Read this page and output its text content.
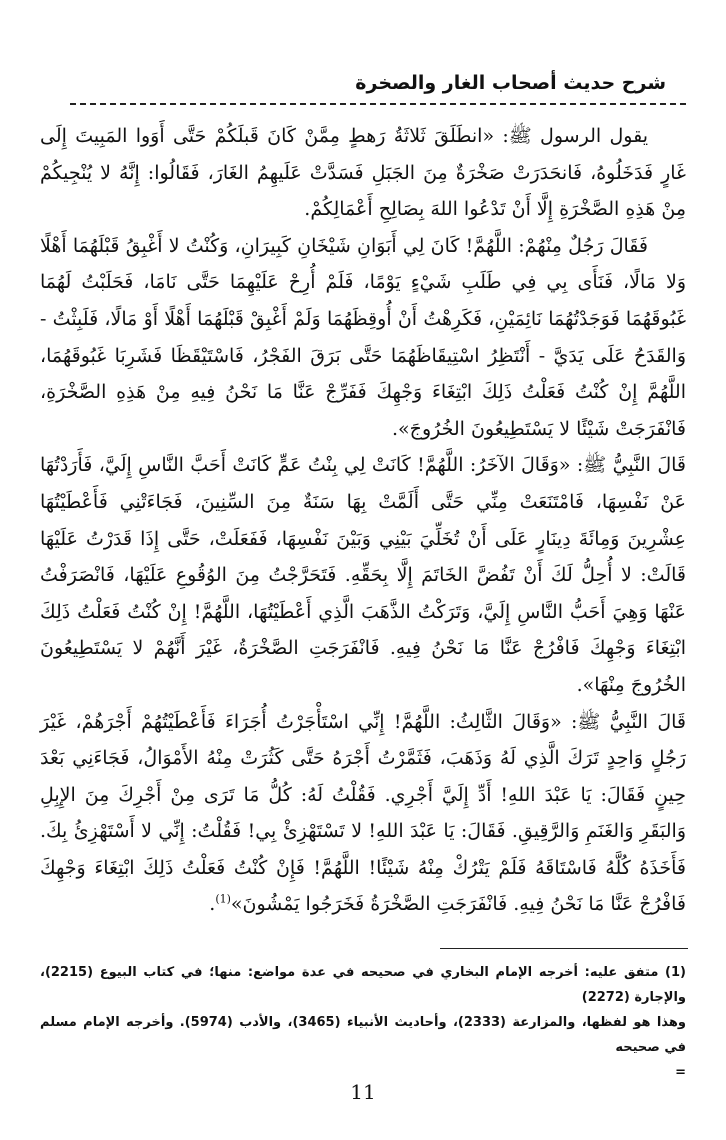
شرح حديث أصحاب الغار والصخرة

يقول الرسول ﷺ: «انطَلَقَ ثَلاثَةُ رَهطٍ مِمَّنْ كَانَ قَبلَكُمْ حَتَّى أَوَوا المَبِيتَ إِلَى غَارٍ فَدَخَلُوهُ، فَانحَدَرَتْ صَخْرَةٌ مِنَ الجَبَلِ فَسَدَّتْ عَلَيهِمُ الغَارَ، فَقَالُوا: إِنَّهُ لا يُنْجِيكُمْ مِنْ هَذِهِ الصَّخْرَةِ إِلَّا أَنْ تَدْعُوا اللهَ بِصَالِحِ أَعْمَالِكُمْ.

فَقَالَ رَجُلٌ مِنْهُمْ: اللَّهُمَّ! كَانَ لِي أَبَوَانِ شَيْخَانِ كَبِيرَانِ، وَكُنْتُ لا أَغْبِقُ قَبْلَهُمَا أَهْلًا وَلا مَالًا، فَنَأَى بِي فِي طَلَبِ شَيْءٍ يَوْمًا، فَلَمْ أُرِحْ عَلَيْهِمَا حَتَّى نَامَا، فَحَلَبْتُ لَهُمَا غَبُوقَهُمَا فَوَجَدْتُهُمَا نَائِمَيْنِ، فَكَرِهْتُ أَنْ أُوقِظَهُمَا وَلَمْ أَغْبِقْ قَبْلَهُمَا أَهْلًا أَوْ مَالًا، فَلَبِثْتُ - وَالقَدَحُ عَلَى يَدَيَّ - أَنْتَظِرُ اسْتِيقَاظَهُمَا حَتَّى بَرَقَ الفَجْرُ، فَاسْتَيْقَظَا فَشَرِبَا غَبُوقَهُمَا، اللَّهُمَّ إِنْ كُنْتُ فَعَلْتُ ذَلِكَ ابْتِغَاءَ وَجْهِكَ فَفَرِّجْ عَنَّا مَا نَحْنُ فِيهِ مِنْ هَذِهِ الصَّخْرَةِ، فَانْفَرَجَتْ شَيْئًا لا يَسْتَطِيعُونَ الخُرُوجَ».

قَالَ النَّبِيُّ ﷺ: «وَقَالَ الآخَرُ: اللَّهُمَّ! كَانَتْ لِي بِنْتُ عَمٍّ كَانَتْ أَحَبَّ النَّاسِ إِلَيَّ، فَأَرَدْتُهَا عَنْ نَفْسِهَا، فَامْتَنَعَتْ مِنِّي حَتَّى أَلَمَّتْ بِهَا سَنَةٌ مِنَ السِّنِينَ، فَجَاءَتْنِي فَأَعْطَيْتُهَا عِشْرِينَ وَمِائَةَ دِينَارٍ عَلَى أَنْ تُخَلِّيَ بَيْنِي وَبَيْنَ نَفْسِهَا، فَفَعَلَتْ، حَتَّى إِذَا قَدَرْتُ عَلَيْهَا قَالَتْ: لا أُحِلُّ لَكَ أَنْ تَفُضَّ الخَاتَمَ إِلَّا بِحَقِّهِ. فَتَحَرَّجْتُ مِنَ الوُقُوعِ عَلَيْهَا، فَانْصَرَفْتُ عَنْهَا وَهِيَ أَحَبُّ النَّاسِ إِلَيَّ، وَتَرَكْتُ الذَّهَبَ الَّذِي أَعْطَيْتُهَا، اللَّهُمَّ! إِنْ كُنْتُ فَعَلْتُ ذَلِكَ ابْتِغَاءَ وَجْهِكَ فَافْرُجْ عَنَّا مَا نَحْنُ فِيهِ. فَانْفَرَجَتِ الصَّخْرَةُ، غَيْرَ أَنَّهُمْ لا يَسْتَطِيعُونَ الخُرُوجَ مِنْهَا».

قَالَ النَّبِيُّ ﷺ: «وَقَالَ الثَّالِثُ: اللَّهُمَّ! إِنِّي اسْتَأْجَرْتُ أُجَرَاءَ فَأَعْطَيْتُهُمْ أَجْرَهُمْ، غَيْرَ رَجُلٍ وَاحِدٍ تَرَكَ الَّذِي لَهُ وَذَهَبَ، فَثَمَّرْتُ أَجْرَهُ حَتَّى كَثُرَتْ مِنْهُ الأَمْوَالُ، فَجَاءَنِي بَعْدَ حِينٍ فَقَالَ: يَا عَبْدَ اللهِ! أَدِّ إِلَيَّ أَجْرِي. فَقُلْتُ لَهُ: كُلُّ مَا تَرَى مِنْ أَجْرِكَ مِنَ الإِبِلِ وَالبَقَرِ وَالغَنَمِ وَالرَّقِيقِ. فَقَالَ: يَا عَبْدَ اللهِ! لا تَسْتَهْزِئْ بِي! فَقُلْتُ: إِنِّي لا أَسْتَهْزِئُ بِكَ. فَأَخَذَهُ كُلَّهُ فَاسْتَاقَهُ فَلَمْ يَتْرُكْ مِنْهُ شَيْئًا! اللَّهُمَّ! فَإِنْ كُنْتُ فَعَلْتُ ذَلِكَ ابْتِغَاءَ وَجْهِكَ فَافْرُجْ عَنَّا مَا نَحْنُ فِيهِ. فَانْفَرَجَتِ الصَّخْرَةُ فَخَرَجُوا يَمْشُونَ»$^{(1)}$.

(1) متفق عليه: أخرجه الإمام البخاري في صحيحه في عدة مواضع: منها؛ في كتاب البيوع (2215)، والإجارة (2272)

وهذا هو لفظها، والمزارعة (2333)، وأحاديث الأنبياء (3465)، والأدب (5974). وأخرجه الإمام مسلم في صحيحه

=

11
